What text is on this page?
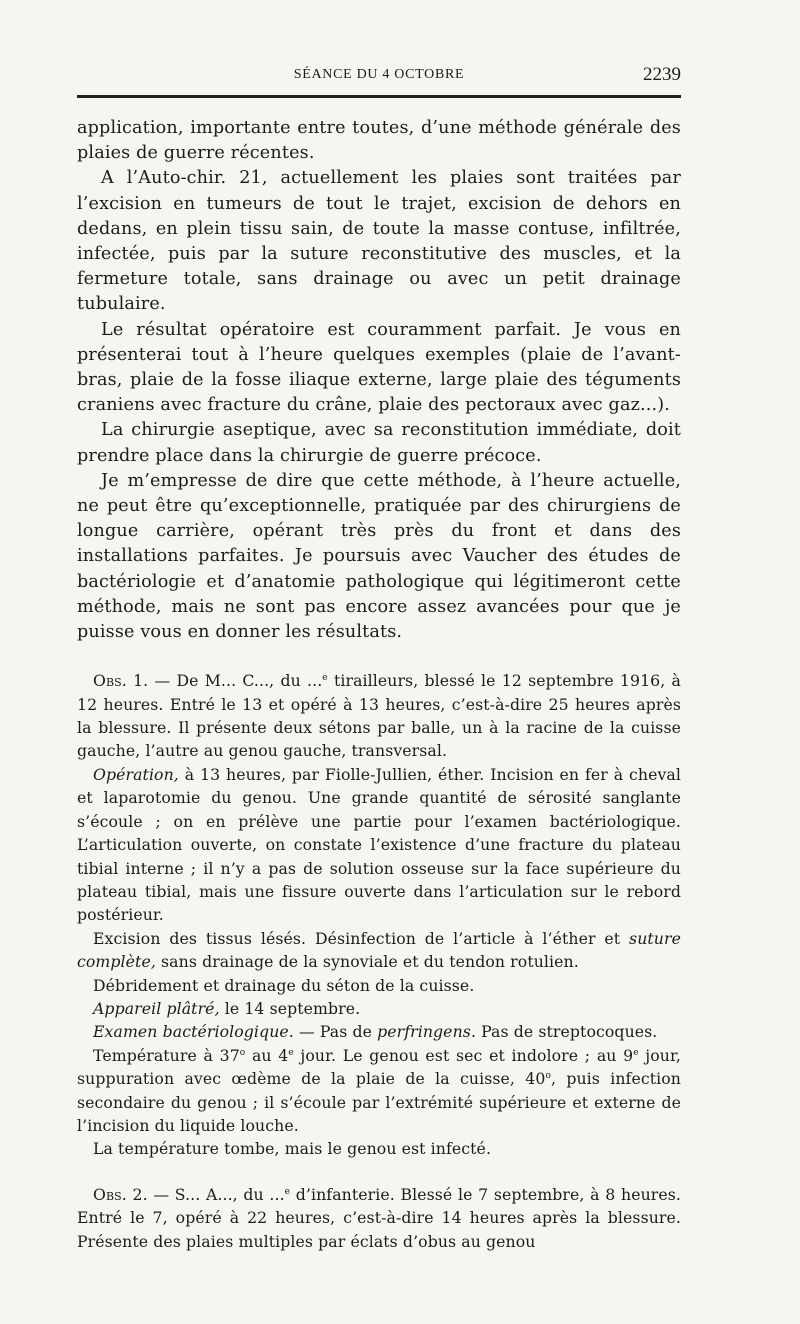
SÉANCE DU 4 OCTOBRE	2239

application, importante entre toutes, d’une méthode générale des plaies de guerre récentes.

A l’Auto-chir. 21, actuellement les plaies sont traitées par l’excision en tumeurs de tout le trajet, excision de dehors en dedans, en plein tissu sain, de toute la masse contuse, infiltrée, infectée, puis par la suture reconstitutive des muscles, et la fermeture totale, sans drainage ou avec un petit drainage tubulaire.

Le résultat opératoire est couramment parfait. Je vous en présenterai tout à l’heure quelques exemples (plaie de l’avant-bras, plaie de la fosse iliaque externe, large plaie des téguments craniens avec fracture du crâne, plaie des pectoraux avec gaz...).

La chirurgie aseptique, avec sa reconstitution immédiate, doit prendre place dans la chirurgie de guerre précoce.

Je m’empresse de dire que cette méthode, à l’heure actuelle, ne peut être qu’exceptionnelle, pratiquée par des chirurgiens de longue carrière, opérant très près du front et dans des installations parfaites. Je poursuis avec Vaucher des études de bactériologie et d’anatomie pathologique qui légitimeront cette méthode, mais ne sont pas encore assez avancées pour que je puisse vous en donner les résultats.

Obs. 1. — De M... C..., du ...$^e$ tirailleurs, blessé le 12 septembre 1916, à 12 heures. Entré le 13 et opéré à 13 heures, c’est-à-dire 25 heures après la blessure. Il présente deux sétons par balle, un à la racine de la cuisse gauche, l’autre au genou gauche, transversal.

Opération, à 13 heures, par Fiolle-Jullien, éther. Incision en fer à cheval et laparotomie du genou. Une grande quantité de sérosité sanglante s’écoule ; on en prélève une partie pour l’examen bactériologique. L’articulation ouverte, on constate l’existence d’une fracture du plateau tibial interne ; il n’y a pas de solution osseuse sur la face supérieure du plateau tibial, mais une fissure ouverte dans l’articulation sur le rebord postérieur.

Excision des tissus lésés. Désinfection de l’article à l’éther et suture complète, sans drainage de la synoviale et du tendon rotulien.

Débridement et drainage du séton de la cuisse.

Appareil plâtré, le 14 septembre.

Examen bactériologique. — Pas de perfringens. Pas de streptocoques.

Température à 37$^o$ au 4e jour. Le genou est sec et indolore ; au 9e jour, suppuration avec œdème de la plaie de la cuisse, 40$^o$, puis infection secondaire du genou ; il s’écoule par l’extrémité supérieure et externe de l’incision du liquide louche.

La température tombe, mais le genou est infecté.

Obs. 2. — S... A..., du ...$^e$ d’infanterie. Blessé le 7 septembre, à 8 heures. Entré le 7, opéré à 22 heures, c’est-à-dire 14 heures après la blessure. Présente des plaies multiples par éclats d’obus au genou
